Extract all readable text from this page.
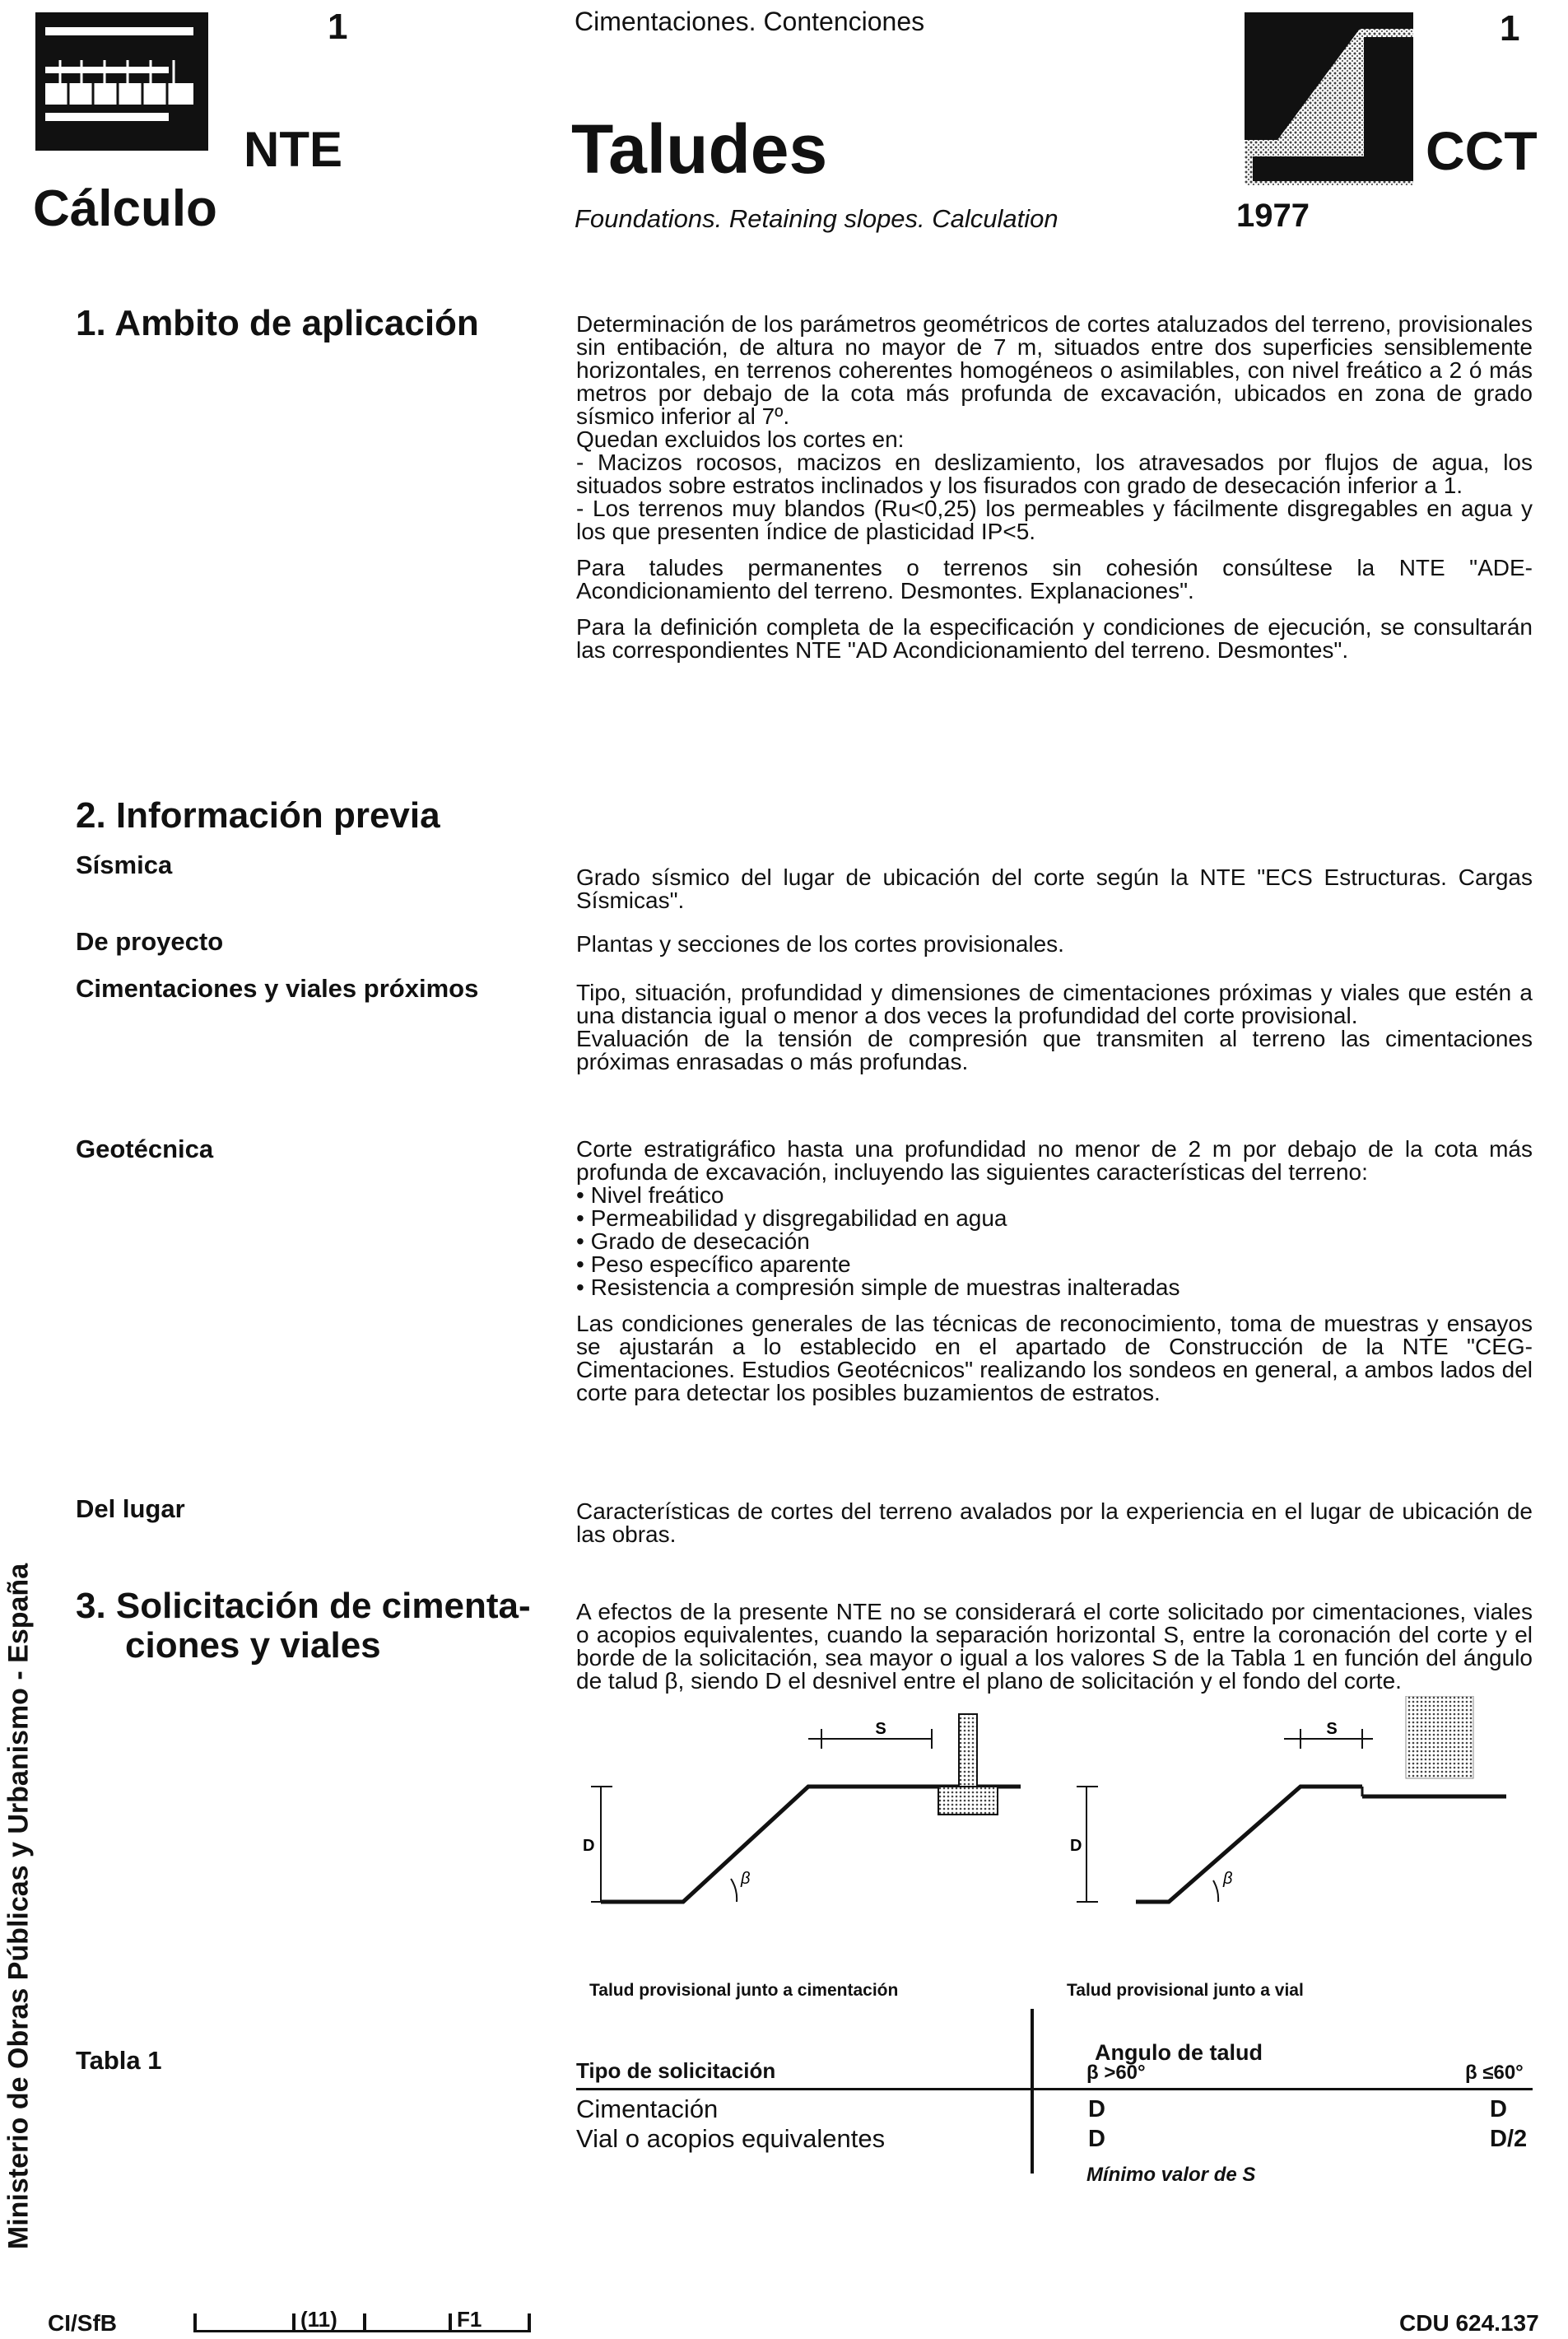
1
NTE
Cálculo
Cimentaciones. Contenciones
Taludes
Foundations. Retaining slopes. Calculation	1977
1
CCT
1. Ambito de aplicación	Determinación de los parámetros geométricos de cortes ataluzados del terreno, provisionales sin entibación, de altura no mayor de 7 m, situados entre dos superficies sensiblemente horizontales, en terrenos coherentes homogéneos o asimilables, con nivel freático a 2 ó más metros por debajo de la cota más profunda de excavación, ubicados en zona de grado sísmico inferior al 7º.

Quedan excluidos los cortes en:

- Macizos rocosos, macizos en deslizamiento, los atravesados por flujos de agua, los situados sobre estratos inclinados y los fisurados con grado de desecación inferior a 1.

- Los terrenos muy blandos (Ru<0,25) los permeables y fácilmente disgregables en agua y los que presenten índice de plasticidad IP<5.

Para taludes permanentes o terrenos sin cohesión consúltese la NTE "ADE-Acondicionamiento del terreno. Desmontes. Explanaciones".

Para la definición completa de la especificación y condiciones de ejecución, se consultarán las correspondientes NTE "AD Acondicionamiento del terreno. Desmontes".

2. Información previa
Sísmica	Grado sísmico del lugar de ubicación del corte según la NTE "ECS Estructuras. Cargas Sísmicas".
De proyecto	Plantas y secciones de los cortes provisionales.
Cimentaciones y viales próximos	Tipo, situación, profundidad y dimensiones de cimentaciones próximas y viales que estén a una distancia igual o menor a dos veces la profundidad del corte provisional.

Evaluación de la tensión de compresión que transmiten al terreno las cimentaciones próximas enrasadas o más profundas.

Geotécnica	Corte estratigráfico hasta una profundidad no menor de 2 m por debajo de la cota más profunda de excavación, incluyendo las siguientes características del terreno:

• Nivel freático
• Permeabilidad y disgregabilidad en agua
• Grado de desecación
• Peso específico aparente
• Resistencia a compresión simple de muestras inalteradas

Las condiciones generales de las técnicas de reconocimiento, toma de muestras y ensayos se ajustarán a lo establecido en el apartado de Construcción de la NTE "CEG-Cimentaciones. Estudios Geotécnicos" realizando los sondeos en general, a ambos lados del corte para detectar los posibles buzamientos de estratos.

Del lugar	Características de cortes del terreno avalados por la experiencia en el lugar de ubicación de las obras.
3. Solicitación de cimenta-
ciones y viales
A efectos de la presente NTE no se considerará el corte solicitado por cimentaciones, viales o acopios equivalentes, cuando la separación horizontal S, entre la coronación del corte y el borde de la solicitación, sea mayor o igual a los valores S de la Tabla 1 en función del ángulo de talud β, siendo D el desnivel entre el plano de solicitación y el fondo del corte.
S
D
β
Talud provisional junto a cimentación
S
D
β
Talud provisional junto a vial
Tabla 1	Tipo de solicitación
Angulo de talud
β >60°	β ≤60°
Cimentación	D	D
Vial o acopios equivalentes	D	D/2
Mínimo valor de S
Ministerio de Obras Públicas y Urbanismo - España
CI/SfB	(11)	F1	CDU 624.137
